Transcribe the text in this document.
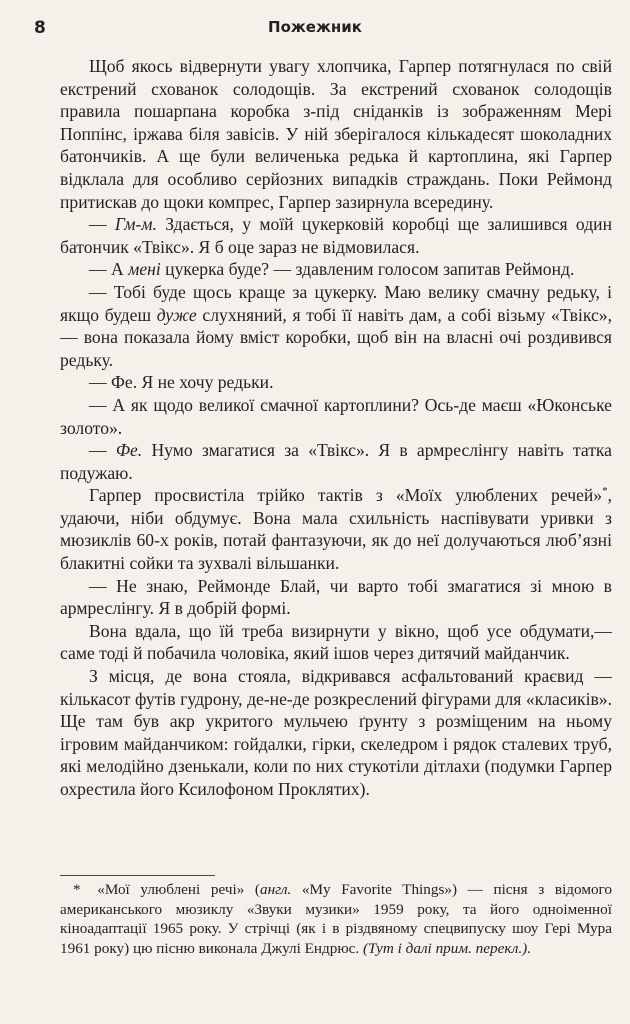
8	Пожежник

Щоб якось відвернути увагу хлопчика, Гарпер потягнулася по свій екстрений схованок солодощів. За екстрений схованок солодощів правила пошарпана коробка з-під сніданків із зображенням Мері Поппінс, іржава біля завісів. У ній зберігалося кількадесят шоколадних батончиків. А ще були величенька редька й картоплина, які Гарпер відклала для особливо серйозних випадків страждань. Поки Реймонд притискав до щоки компрес, Гарпер зазирнула всередину.

— Гм-м. Здається, у моїй цукерковій коробці ще залишився один батончик «Твікс». Я б оце зараз не відмовилася.

— А мені цукерка буде? — здавленим голосом запитав Реймонд.

— Тобі буде щось краще за цукерку. Маю велику смачну редьку, і якщо будеш дуже слухняний, я тобі її навіть дам, а собі візьму «Твікс»,— вона показала йому вміст коробки, щоб він на власні очі роздивився редьку.

— Фе. Я не хочу редьки.

— А як щодо великої смачної картоплини? Ось-де маєш «Юконське золото».

— Фе. Нумо змагатися за «Твікс». Я в армреслінгу навіть татка подужаю.

Гарпер просвистіла трійко тактів з «Моїх улюблених речей»*, удаючи, ніби обдумує. Вона мала схильність наспівувати уривки з мюзиклів 60-х років, потай фантазуючи, як до неї долучаються люб’язні блакитні сойки та зухвалі вільшанки.

— Не знаю, Реймонде Блай, чи варто тобі змагатися зі мною в армреслінгу. Я в добрій формі.

Вона вдала, що їй треба визирнути у вікно, щоб усе обдумати,— саме тоді й побачила чоловіка, який ішов через дитячий майданчик.

З місця, де вона стояла, відкривався асфальтований краєвид — кількасот футів гудрону, де-не-де розкреслений фігурами для «класиків». Ще там був акр укритого мульчею ґрунту з розміщеним на ньому ігровим майданчиком: гойдалки, гірки, скеледром і рядок сталевих труб, які мелодійно дзенькали, коли по них стукотіли дітлахи (подумки Гарпер охрестила його Ксилофоном Проклятих).

* «Мої улюблені речі» (англ. «My Favorite Things») — пісня з відомого американського мюзиклу «Звуки музики» 1959 року, та його одноіменної кіноадаптації 1965 року. У стрічці (як і в різдвяному спецвипуску шоу Гері Мура 1961 року) цю пісню виконала Джулі Ендрюс. (Тут і далі прим. перекл.).
